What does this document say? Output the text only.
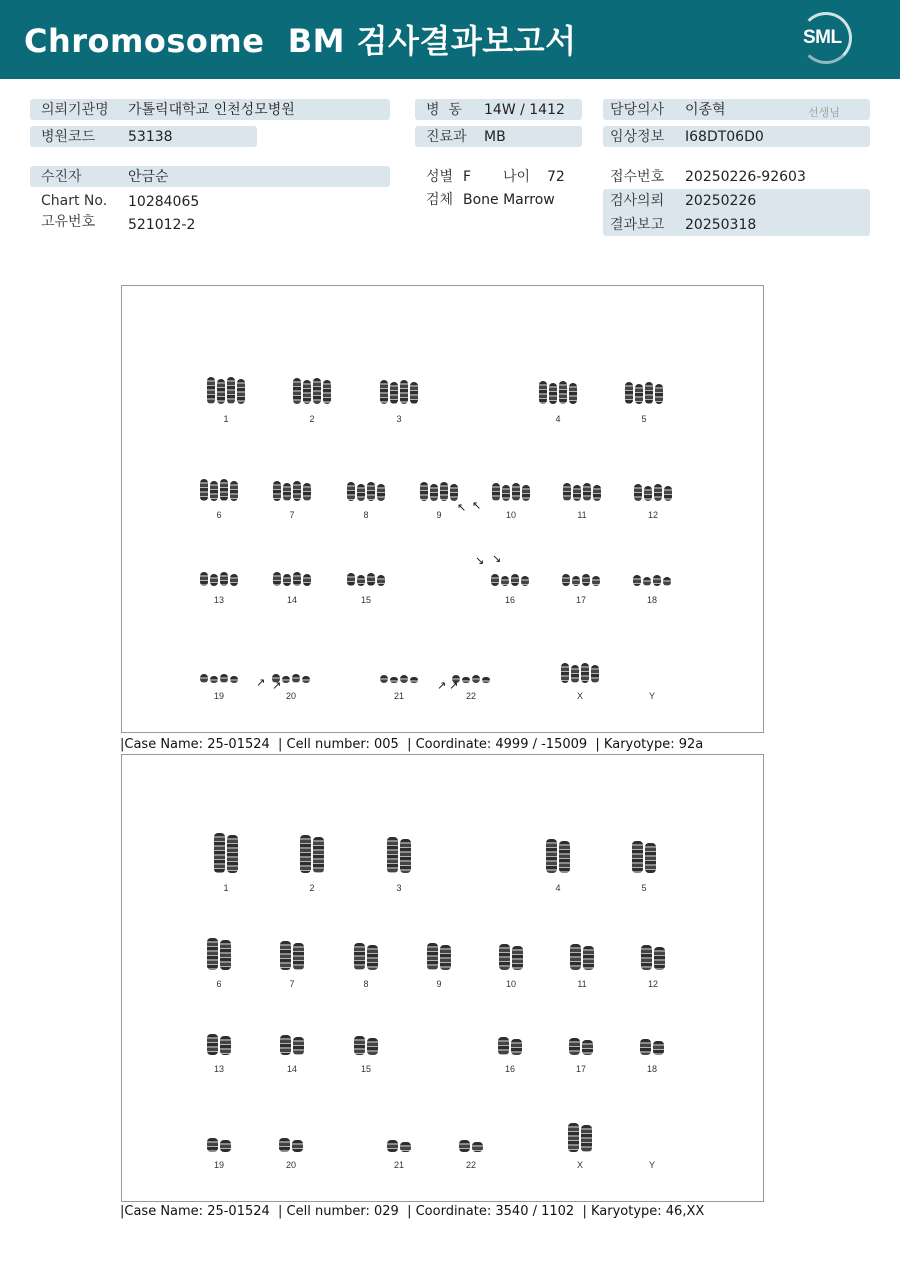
Chromosome  BM 검사결과보고서	SML
의뢰기관명 가톨릭대학교 인천성모병원
병원코드 53138
수진자	안금순
Chart No. 10284065
고유번호 521012-2
병  동 14W / 1412
진료과 MB
성별 F 나이 72
검체 Bone Marrow
담당의사 이종혁	선생님
임상정보 I68DT06D0
접수번호 20250226-92603
검사의뢰 20250226
결과보고 20250318
1	2	3	4	5
6	7	8	9	10	11	12
13	14	15	16	17	18
19	20	21	22	X	Y
↖ ↖
↘ ↘
↗ ↗	↗ ↗
|Case Name: 25-01524  | Cell number: 005  | Coordinate: 4999 / -15009  | Karyotype: 92a
1	2	3	4	5
6	7	8	9	10	11	12
13	14	15	16	17	18
19	20	21	22	X	Y
|Case Name: 25-01524  | Cell number: 029  | Coordinate: 3540 / 1102  | Karyotype: 46,XX
